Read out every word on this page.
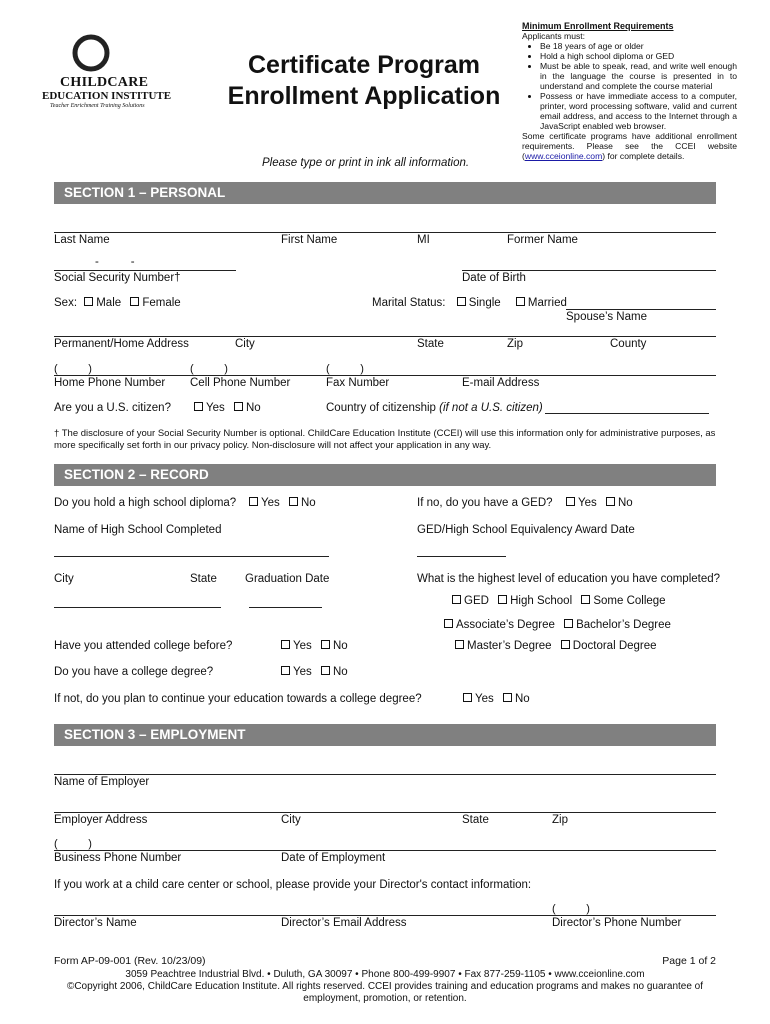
CHILDCARE
EDUCATION INSTITUTE
Teacher Enrichment Training Solutions
Certificate Program
Enrollment Application
Please type or print in ink all information.
Minimum Enrollment Requirements
Applicants must:
• Be 18 years of age or older
• Hold a high school diploma or GED
• Must be able to speak, read, and write well enough in the language the course is presented in to understand and complete the course material
• Possess or have immediate access to a computer, printer, word processing software, valid and current email address, and access to the Internet through a JavaScript enabled web browser.
Some certificate programs have additional enrollment requirements. Please see the CCEI website (www.cceionline.com) for complete details.
SECTION 1 – PERSONAL
Last Name	First Name	MI	Former Name
-          -
Social Security Number†	Date of Birth
Sex: Male Female	Marital Status: Single Married
Spouse’s Name
Permanent/Home Address	City	State	Zip	County
(          )	(          )	(          )
Home Phone Number Cell Phone Number	Fax Number	E-mail Address
Are you a U.S. citizen?	Yes No	Country of citizenship (if not a U.S. citizen)
† The disclosure of your Social Security Number is optional. ChildCare Education Institute (CCEI) will use this information only for administrative purposes, as more specifically set forth in our privacy policy. Non-disclosure will not affect your application in any way.
SECTION 2 – RECORD
Do you hold a high school diploma?	Yes No	If no, do you have a GED?	Yes No
Name of High School Completed	GED/High School Equivalency Award Date
City	State Graduation Date	What is the highest level of education you have completed?
GED High School Some College
Associate’s Degree Bachelor’s Degree
Master’s Degree Doctoral Degree
Have you attended college before?	Yes No
Do you have a college degree?	Yes No
If not, do you plan to continue your education towards a college degree?	Yes No
SECTION 3 – EMPLOYMENT
Name of Employer
Employer Address	City	State	Zip
(          )
Business Phone Number	Date of Employment
If you work at a child care center or school, please provide your Director's contact information:
(          )
Director’s Name	Director’s Email Address	Director’s Phone Number
Form AP-09-001 (Rev. 10/23/09)	Page 1 of 2
3059 Peachtree Industrial Blvd. • Duluth, GA 30097 • Phone 800-499-9907 • Fax 877-259-1105 • www.cceionline.com
©Copyright 2006, ChildCare Education Institute. All rights reserved. CCEI provides training and education programs and makes no guarantee of
employment, promotion, or retention.
